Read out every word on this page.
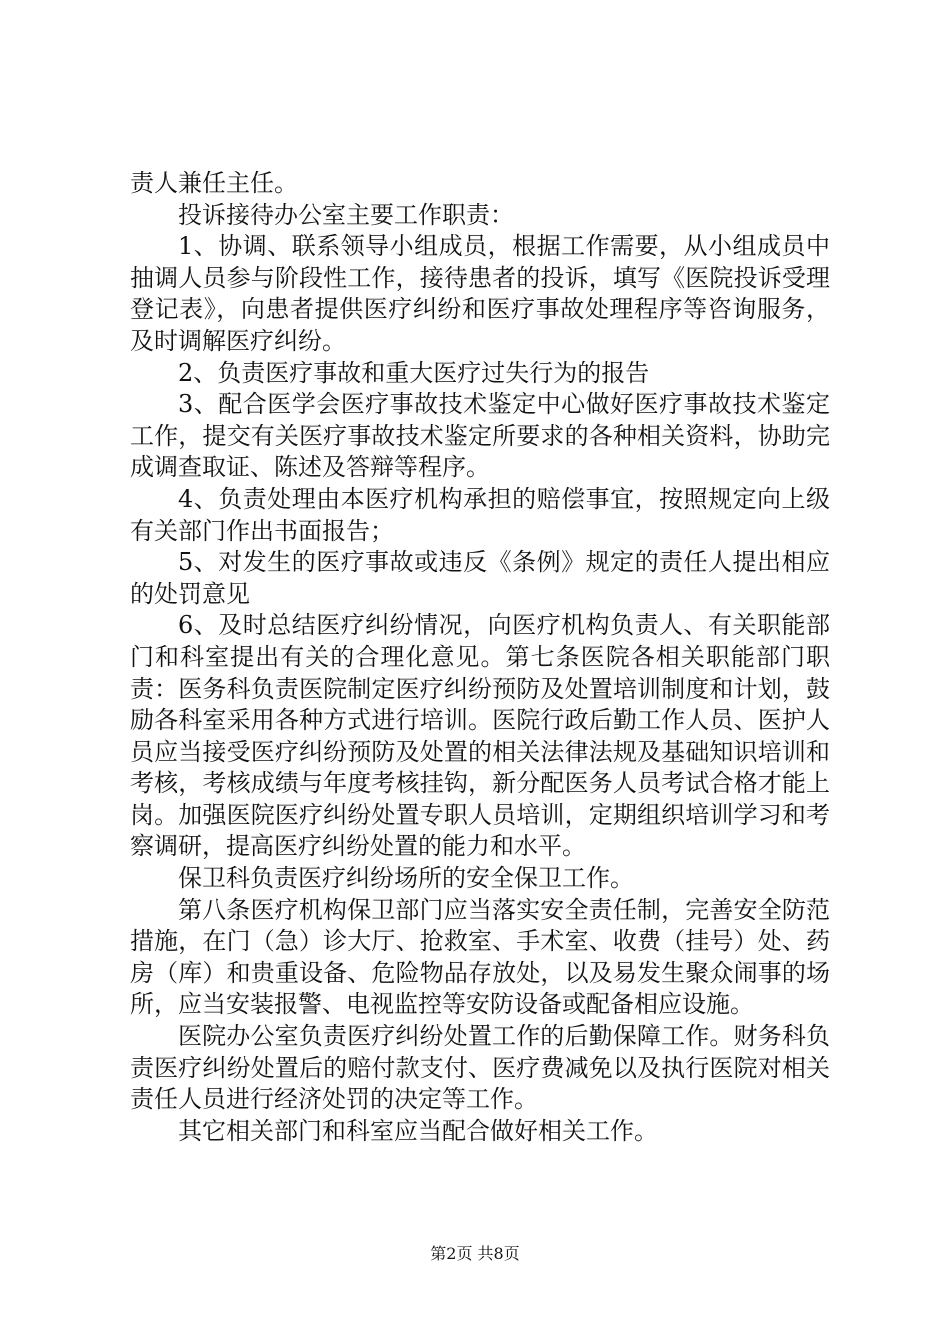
责人兼任主任。

投诉接待办公室主要工作职责：

1、协调、联系领导小组成员，根据工作需要，从小组成员中抽调人员参与阶段性工作，接待患者的投诉，填写《医院投诉受理登记表》，向患者提供医疗纠纷和医疗事故处理程序等咨询服务，及时调解医疗纠纷。

2、负责医疗事故和重大医疗过失行为的报告

3、配合医学会医疗事故技术鉴定中心做好医疗事故技术鉴定工作，提交有关医疗事故技术鉴定所要求的各种相关资料，协助完成调查取证、陈述及答辩等程序。

4、负责处理由本医疗机构承担的赔偿事宜，按照规定向上级有关部门作出书面报告；

5、对发生的医疗事故或违反《条例》规定的责任人提出相应的处罚意见

6、及时总结医疗纠纷情况，向医疗机构负责人、有关职能部门和科室提出有关的合理化意见。第七条医院各相关职能部门职责：医务科负责医院制定医疗纠纷预防及处置培训制度和计划，鼓励各科室采用各种方式进行培训。医院行政后勤工作人员、医护人员应当接受医疗纠纷预防及处置的相关法律法规及基础知识培训和考核，考核成绩与年度考核挂钩，新分配医务人员考试合格才能上岗。加强医院医疗纠纷处置专职人员培训，定期组织培训学习和考察调研，提高医疗纠纷处置的能力和水平。

保卫科负责医疗纠纷场所的安全保卫工作。

第八条医疗机构保卫部门应当落实安全责任制，完善安全防范措施，在门（急）诊大厅、抢救室、手术室、收费（挂号）处、药房（库）和贵重设备、危险物品存放处，以及易发生聚众闹事的场所，应当安装报警、电视监控等安防设备或配备相应设施。

医院办公室负责医疗纠纷处置工作的后勤保障工作。财务科负责医疗纠纷处置后的赔付款支付、医疗费减免以及执行医院对相关责任人员进行经济处罚的决定等工作。

其它相关部门和科室应当配合做好相关工作。

第2页 共8页
